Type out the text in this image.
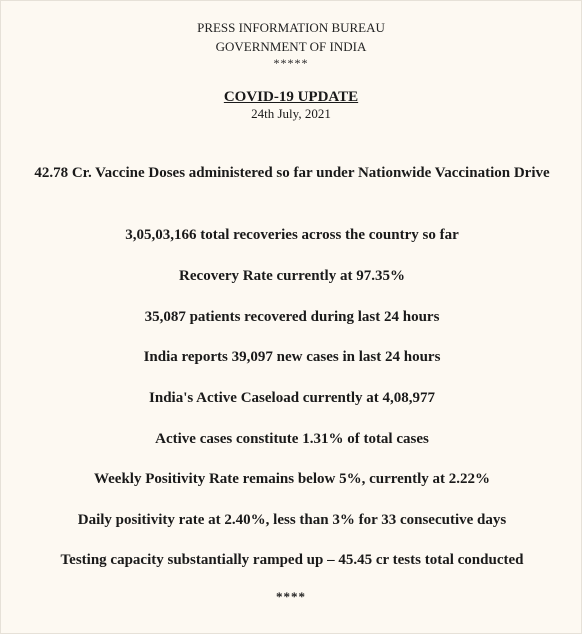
PRESS INFORMATION BUREAU
GOVERNMENT OF INDIA
*****
COVID-19 UPDATE
24th July, 2021
42.78 Cr. Vaccine Doses administered so far under Nationwide Vaccination Drive
3,05,03,166 total recoveries across the country so far
Recovery Rate currently at 97.35%
35,087 patients recovered during last 24 hours
India reports 39,097 new cases in last 24 hours
India's Active Caseload currently at 4,08,977
Active cases constitute 1.31% of total cases
Weekly Positivity Rate remains below 5%, currently at 2.22%
Daily positivity rate at 2.40%, less than 3% for 33 consecutive days
Testing capacity substantially ramped up – 45.45 cr tests total conducted
****
